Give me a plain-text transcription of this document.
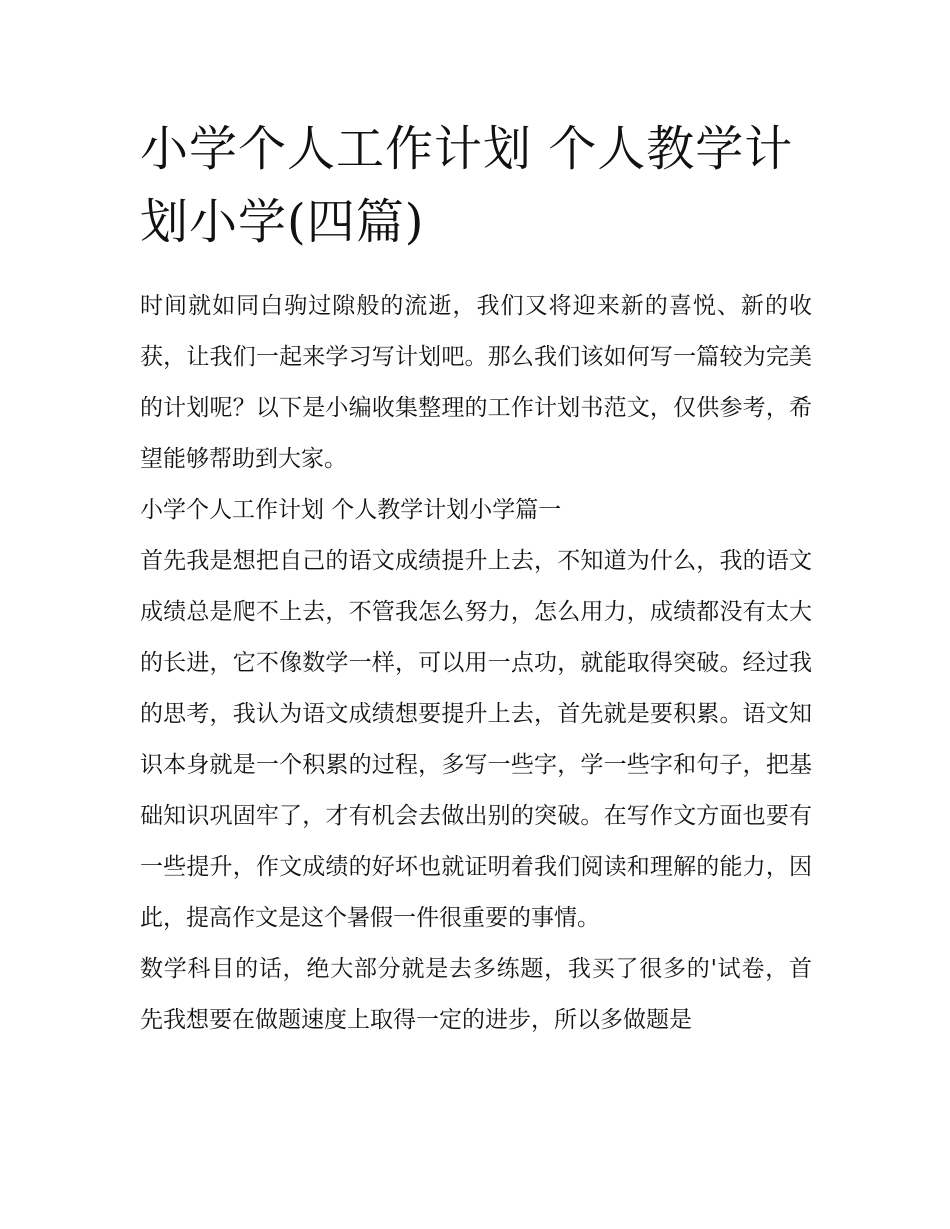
小学个人工作计划 个人教学计划小学(四篇)

时间就如同白驹过隙般的流逝，我们又将迎来新的喜悦、新的收获，让我们一起来学习写计划吧。那么我们该如何写一篇较为完美的计划呢？以下是小编收集整理的工作计划书范文，仅供参考，希望能够帮助到大家。

小学个人工作计划 个人教学计划小学篇一

首先我是想把自己的语文成绩提升上去，不知道为什么，我的语文成绩总是爬不上去，不管我怎么努力，怎么用力，成绩都没有太大的长进，它不像数学一样，可以用一点功，就能取得突破。经过我的思考，我认为语文成绩想要提升上去，首先就是要积累。语文知识本身就是一个积累的过程，多写一些字，学一些字和句子，把基础知识巩固牢了，才有机会去做出别的突破。在写作文方面也要有一些提升，作文成绩的好坏也就证明着我们阅读和理解的能力，因此，提高作文是这个暑假一件很重要的事情。

数学科目的话，绝大部分就是去多练题，我买了很多的'试卷，首先我想要在做题速度上取得一定的进步，所以多做题是
